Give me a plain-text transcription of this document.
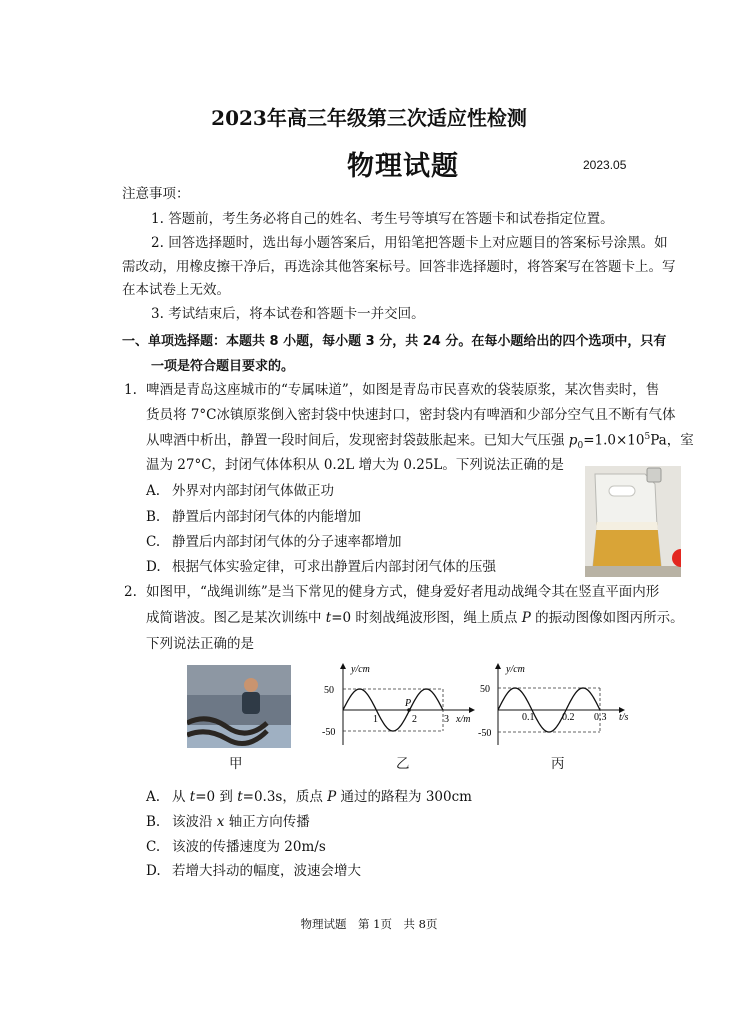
2023年高三年级第三次适应性检测
物理试题	2023.05
注意事项：
1. 答题前，考生务必将自己的姓名、考生号等填写在答题卡和试卷指定位置。
2. 回答选择题时，选出每小题答案后，用铅笔把答题卡上对应题目的答案标号涂黑。如
需改动，用橡皮擦干净后，再选涂其他答案标号。回答非选择题时，将答案写在答题卡上。写
在本试卷上无效。
3. 考试结束后，将本试卷和答题卡一并交回。
一、单项选择题：本题共 8 小题，每小题 3 分，共 24 分。在每小题给出的四个选项中，只有
一项是符合题目要求的。
1. 啤酒是青岛这座城市的“专属味道”，如图是青岛市民喜欢的袋装原浆，某次售卖时，售
货员将 7°C冰镇原浆倒入密封袋中快速封口，密封袋内有啤酒和少部分空气且不断有气体
从啤酒中析出，静置一段时间后，发现密封袋鼓胀起来。已知大气压强 $p_0=1.0\times 10^5Pa$，室
温为 27°C，封闭气体体积从 0.2L 增大为 0.25L。下列说法正确的是
A. 外界对内部封闭气体做正功
B. 静置后内部封闭气体的内能增加
C. 静置后内部封闭气体的分子速率都增加
D. 根据气体实验定律，可求出静置后内部封闭气体的压强
2. 如图甲，“战绳训练”是当下常见的健身方式，健身爱好者甩动战绳令其在竖直平面内形
成简谐波。图乙是某次训练中 t=0 时刻战绳波形图，绳上质点 P 的振动图像如图丙所示。
下列说法正确的是
P
y/cm
50
-50
1	2	3 x/m
y/cm
50
-50
0.1	0.2 0.3 t/s
甲	乙	丙
A. 从 t=0 到 t=0.3s，质点 P 通过的路程为 300cm
B. 该波沿 x 轴正方向传播
C. 该波的传播速度为 20m/s
D. 若增大抖动的幅度，波速会增大
物理试题　第 1页　共 8页
